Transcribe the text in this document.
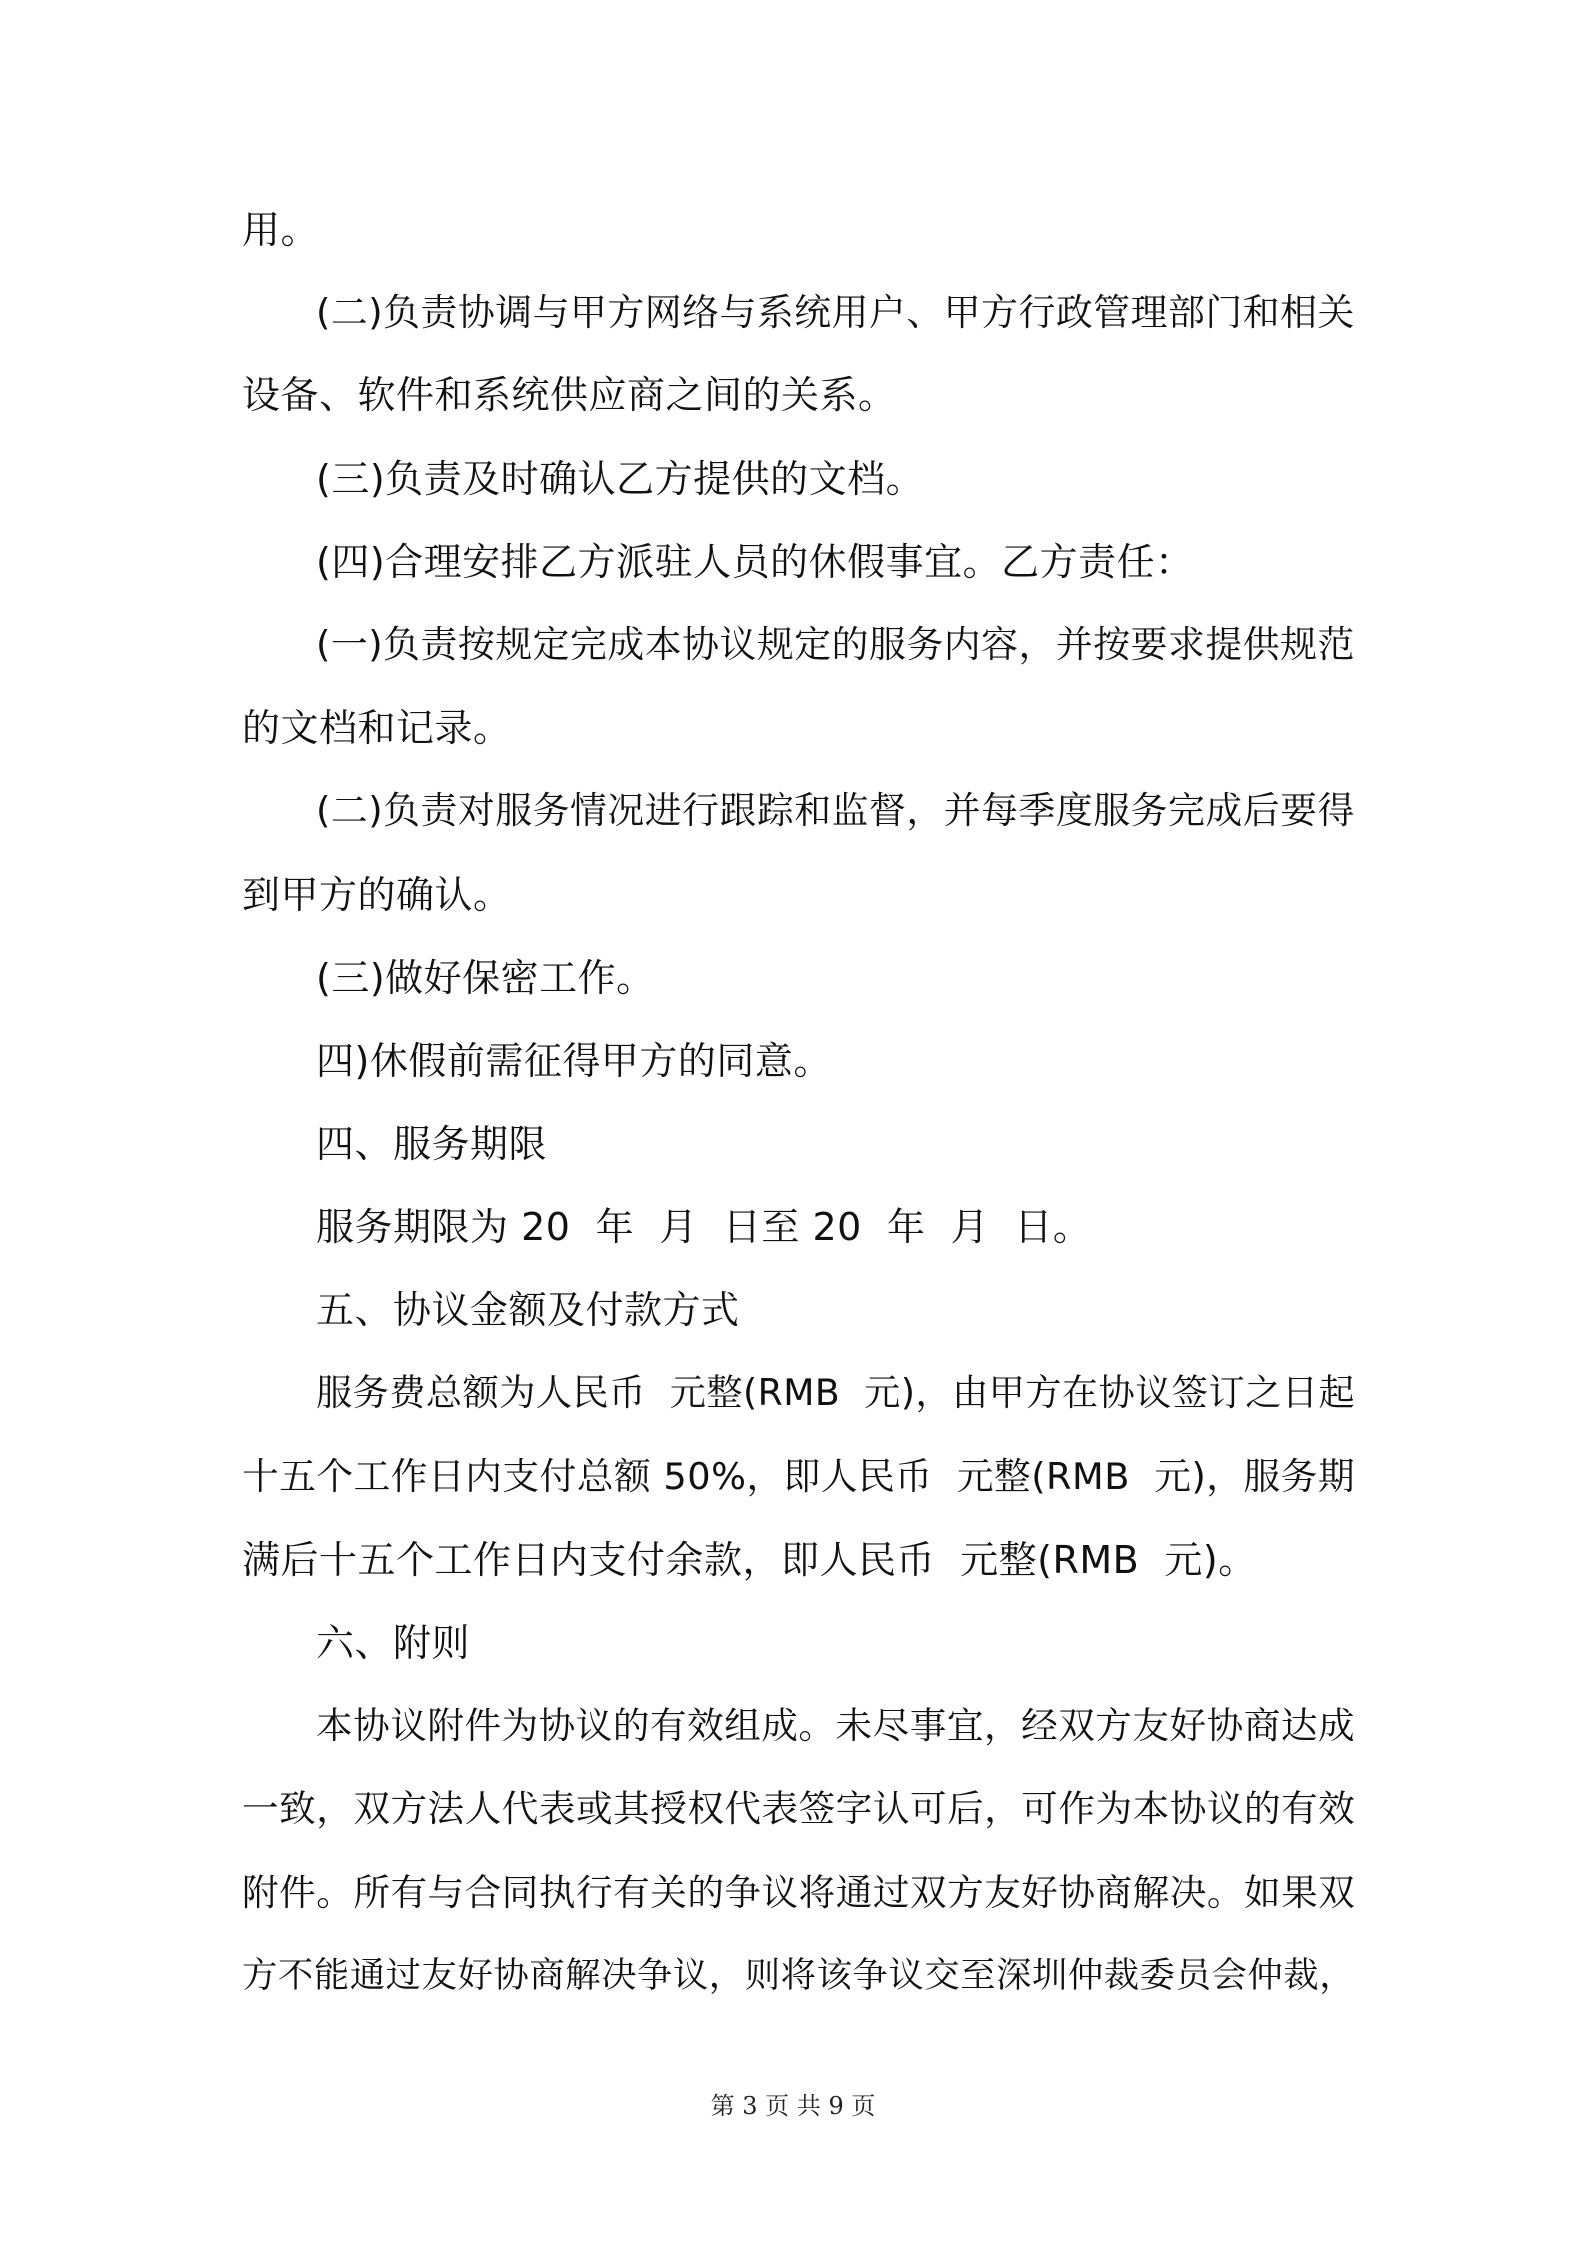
用。
(二)负责协调与甲方网络与系统用户、甲方行政管理部门和相关
设备、软件和系统供应商之间的关系。
(三)负责及时确认乙方提供的文档。
(四)合理安排乙方派驻人员的休假事宜。乙方责任：
(一)负责按规定完成本协议规定的服务内容，并按要求提供规范
的文档和记录。
(二)负责对服务情况进行跟踪和监督，并每季度服务完成后要得
到甲方的确认。
(三)做好保密工作。
四)休假前需征得甲方的同意。
四、服务期限
服务期限为 20  年  月  日至 20  年  月  日。
五、协议金额及付款方式
服务费总额为人民币  元整(RMB  元)，由甲方在协议签订之日起
十五个工作日内支付总额 50%，即人民币  元整(RMB  元)，服务期
满后十五个工作日内支付余款，即人民币  元整(RMB  元)。
六、附则
本协议附件为协议的有效组成。未尽事宜，经双方友好协商达成
一致，双方法人代表或其授权代表签字认可后，可作为本协议的有效
附件。所有与合同执行有关的争议将通过双方友好协商解决。如果双
方不能通过友好协商解决争议，则将该争议交至深圳仲裁委员会仲裁，
第 3 页 共 9 页
